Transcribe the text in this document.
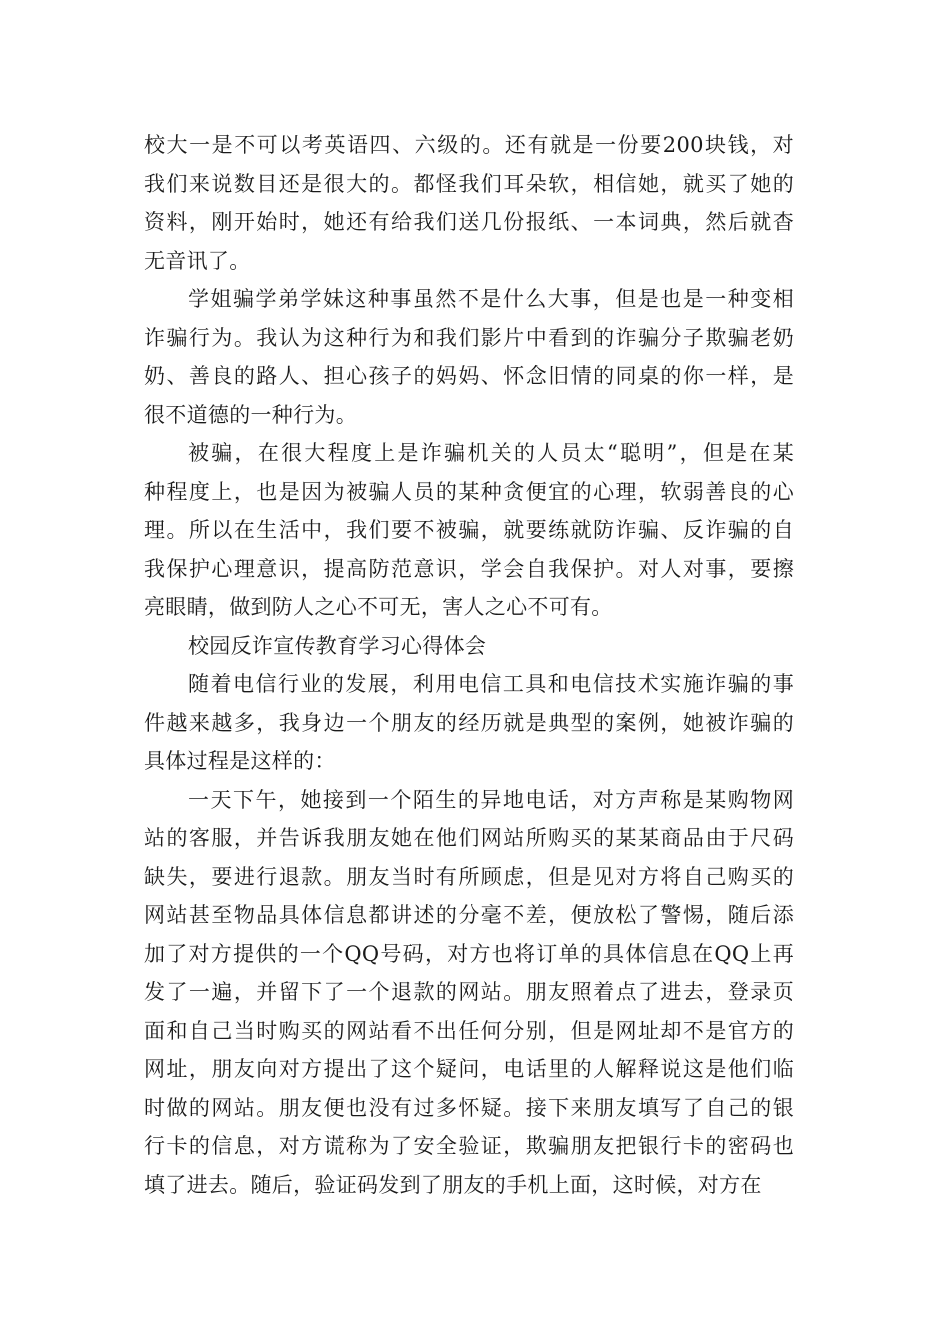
校大一是不可以考英语四、六级的。还有就是一份要200块钱，对
我们来说数目还是很大的。都怪我们耳朵软，相信她，就买了她的
资料，刚开始时，她还有给我们送几份报纸、一本词典，然后就杳
无音讯了。
学姐骗学弟学妹这种事虽然不是什么大事，但是也是一种变相
诈骗行为。我认为这种行为和我们影片中看到的诈骗分子欺骗老奶
奶、善良的路人、担心孩子的妈妈、怀念旧情的同桌的你一样，是
很不道德的一种行为。
被骗，在很大程度上是诈骗机关的人员太“聪明”，但是在某
种程度上，也是因为被骗人员的某种贪便宜的心理，软弱善良的心
理。所以在生活中，我们要不被骗，就要练就防诈骗、反诈骗的自
我保护心理意识，提高防范意识，学会自我保护。对人对事，要擦
亮眼睛，做到防人之心不可无，害人之心不可有。
校园反诈宣传教育学习心得体会
随着电信行业的发展，利用电信工具和电信技术实施诈骗的事
件越来越多，我身边一个朋友的经历就是典型的案例，她被诈骗的
具体过程是这样的：
一天下午，她接到一个陌生的异地电话，对方声称是某购物网
站的客服，并告诉我朋友她在他们网站所购买的某某商品由于尺码
缺失，要进行退款。朋友当时有所顾虑，但是见对方将自己购买的
网站甚至物品具体信息都讲述的分毫不差，便放松了警惕，随后添
加了对方提供的一个QQ号码，对方也将订单的具体信息在QQ上再
发了一遍，并留下了一个退款的网站。朋友照着点了进去，登录页
面和自己当时购买的网站看不出任何分别，但是网址却不是官方的
网址，朋友向对方提出了这个疑问，电话里的人解释说这是他们临
时做的网站。朋友便也没有过多怀疑。接下来朋友填写了自己的银
行卡的信息，对方谎称为了安全验证，欺骗朋友把银行卡的密码也
填了进去。随后，验证码发到了朋友的手机上面，这时候，对方在
